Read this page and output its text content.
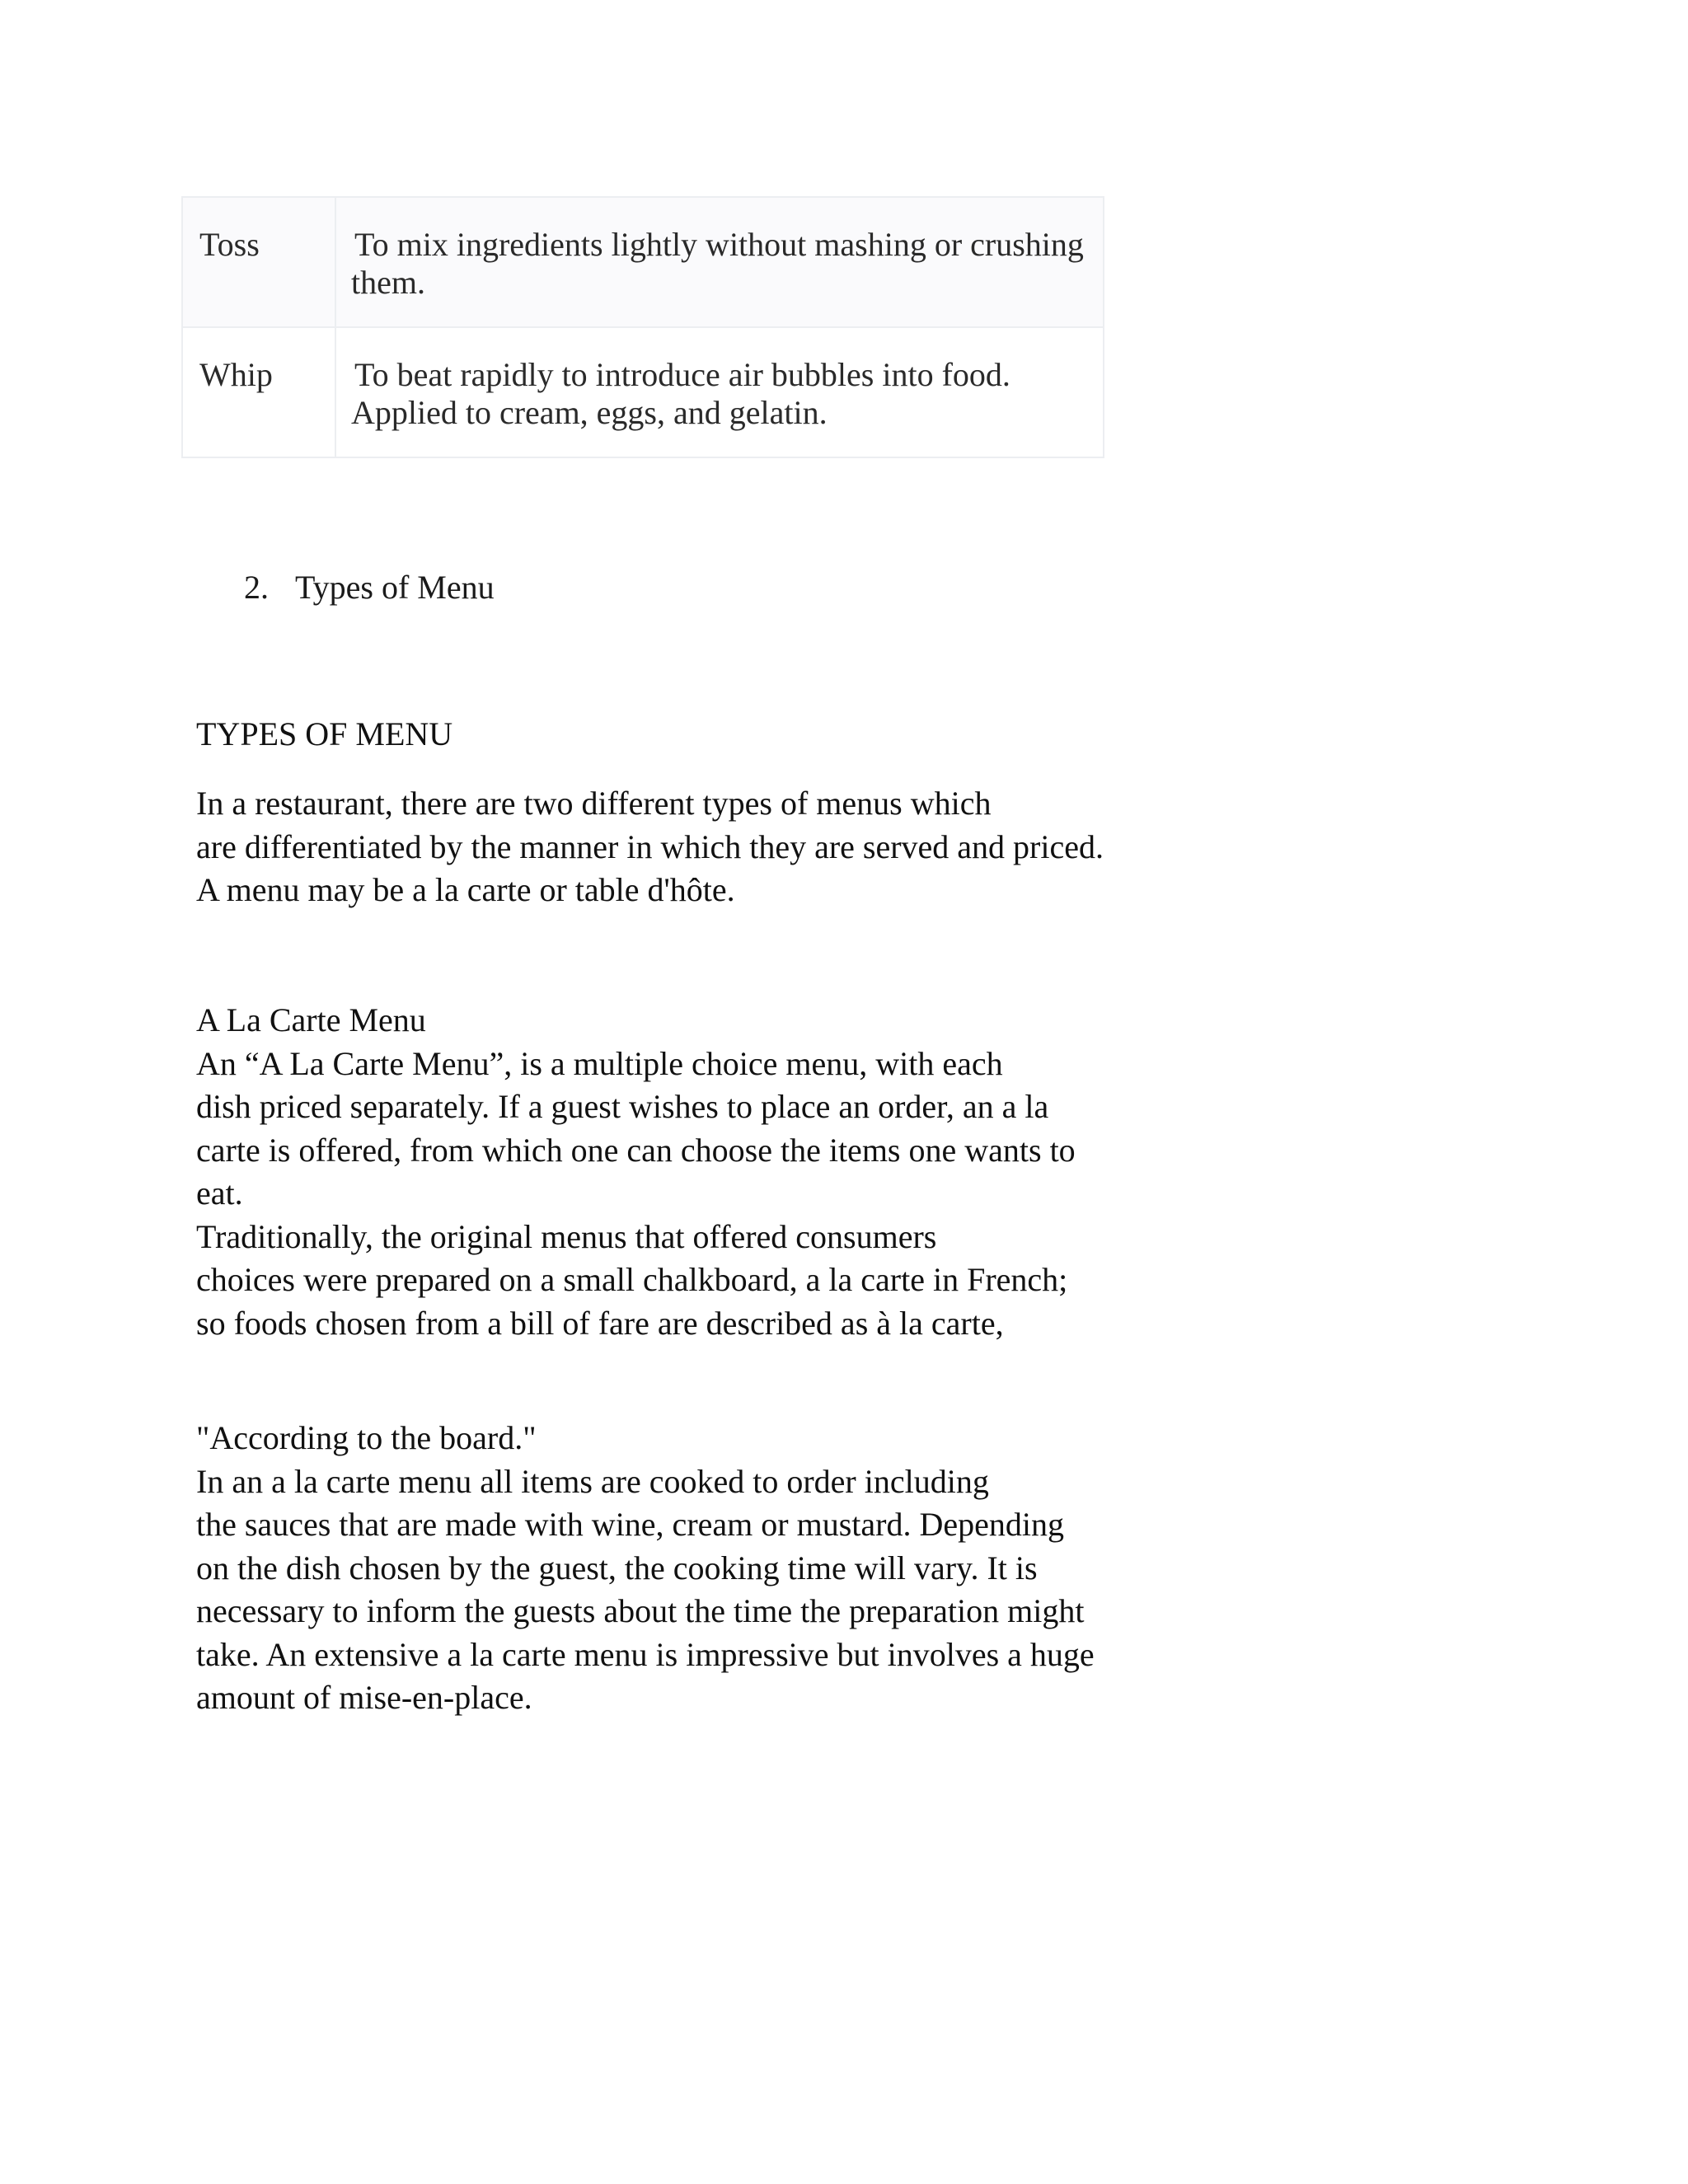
Toss	To mix ingredients lightly without mashing or crushing
them.

Whip	To beat rapidly to introduce air bubbles into food.
Applied to cream, eggs, and gelatin.
2. Types of Menu
TYPES OF MENU
In a restaurant, there are two different types of menus which
are differentiated by the manner in which they are served and priced.
A menu may be a la carte or table d'hôte.
A La Carte Menu
An “A La Carte Menu”, is a multiple choice menu, with each
dish priced separately. If a guest wishes to place an order, an a la
carte is offered, from which one can choose the items one wants to
eat.
Traditionally, the original menus that offered consumers
choices were prepared on a small chalkboard, a la carte in French;
so foods chosen from a bill of fare are described as à la carte,
"According to the board."
In an a la carte menu all items are cooked to order including
the sauces that are made with wine, cream or mustard. Depending
on the dish chosen by the guest, the cooking time will vary. It is
necessary to inform the guests about the time the preparation might
take. An extensive a la carte menu is impressive but involves a huge
amount of mise-en-place.
